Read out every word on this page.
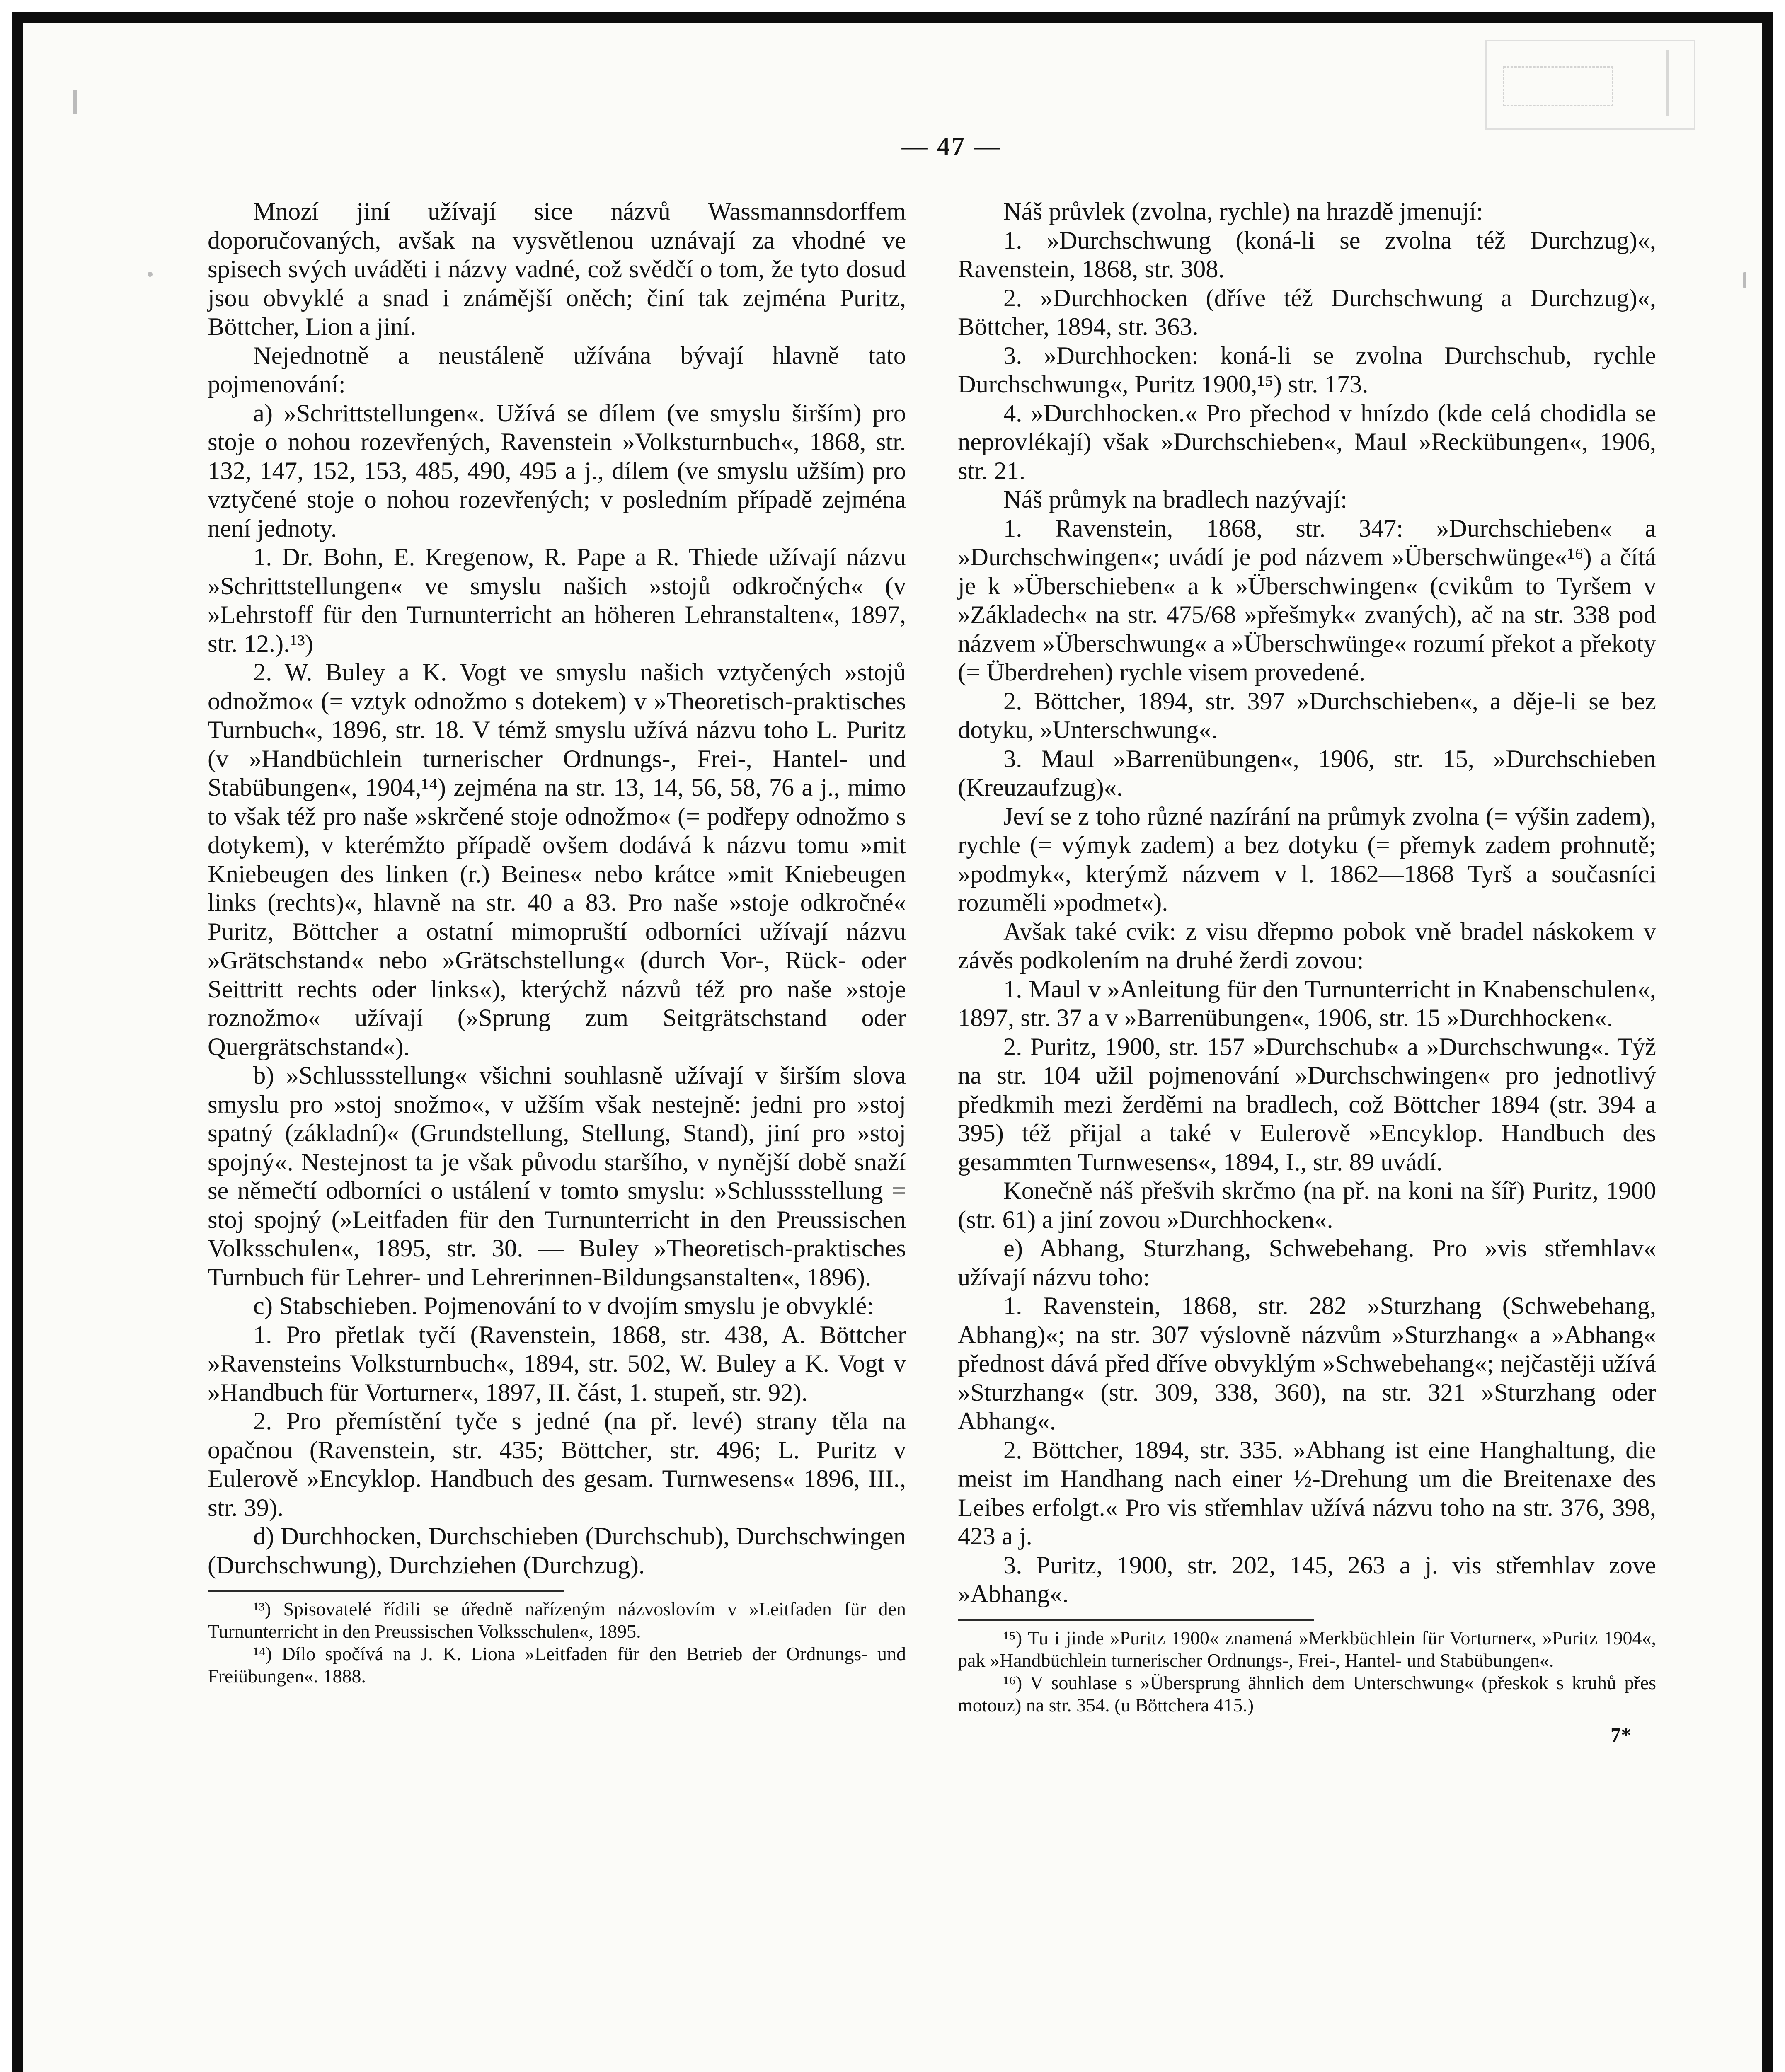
— 47 —

Mnozí jiní užívají sice názvů Wassmannsdorffem doporučovaných, avšak na vysvětlenou uznávají za vhodné ve spisech svých uváděti i názvy vadné, což svědčí o tom, že tyto dosud jsou obvyklé a snad i známější oněch; činí tak zejména Puritz, Böttcher, Lion a jiní.

Nejednotně a neustáleně užívána bývají hlavně tato pojmenování:

a) »Schrittstellungen«. Užívá se dílem (ve smyslu širším) pro stoje o nohou rozevřených, Ravenstein »Volksturnbuch«, 1868, str. 132, 147, 152, 153, 485, 490, 495 a j., dílem (ve smyslu užším) pro vztyčené stoje o nohou rozevřených; v posledním případě zejména není jednoty.

1. Dr. Bohn, E. Kregenow, R. Pape a R. Thiede užívají názvu »Schrittstellungen« ve smyslu našich »stojů odkročných« (v »Lehrstoff für den Turnunterricht an höheren Lehranstalten«, 1897, str. 12.).¹³)

2. W. Buley a K. Vogt ve smyslu našich vztyčených »stojů odnožmo« (= vztyk odnožmo s dotekem) v »Theoretisch-praktisches Turnbuch«, 1896, str. 18. V témž smyslu užívá názvu toho L. Puritz (v »Handbüchlein turnerischer Ordnungs-, Frei-, Hantel- und Stabübungen«, 1904,¹⁴) zejména na str. 13, 14, 56, 58, 76 a j., mimo to však též pro naše »skrčené stoje odnožmo« (= podřepy odnožmo s dotykem), v kterémžto případě ovšem dodává k názvu tomu »mit Kniebeugen des linken (r.) Beines« nebo krátce »mit Kniebeugen links (rechts)«, hlavně na str. 40 a 83. Pro naše »stoje odkročné« Puritz, Böttcher a ostatní mimopruští odborníci užívají názvu »Grätschstand« nebo »Grätschstellung« (durch Vor-, Rück- oder Seittritt rechts oder links«), kterýchž názvů též pro naše »stoje roznožmo« užívají (»Sprung zum Seitgrätschstand oder Quergrätschstand«).

b) »Schlussstellung« všichni souhlasně užívají v širším slova smyslu pro »stoj snožmo«, v užším však nestejně: jedni pro »stoj spatný (základní)« (Grundstellung, Stellung, Stand), jiní pro »stoj spojný«. Nestejnost ta je však původu staršího, v nynější době snaží se němečtí odborníci o ustálení v tomto smyslu: »Schlussstellung = stoj spojný (»Leitfaden für den Turnunterricht in den Preussischen Volksschulen«, 1895, str. 30. — Buley »Theoretisch-praktisches Turnbuch für Lehrer- und Lehrerinnen-Bildungsanstalten«, 1896).

c) Stabschieben. Pojmenování to v dvojím smyslu je obvyklé:

1. Pro přetlak tyčí (Ravenstein, 1868, str. 438, A. Böttcher »Ravensteins Volksturnbuch«, 1894, str. 502, W. Buley a K. Vogt v »Handbuch für Vorturner«, 1897, II. část, 1. stupeň, str. 92).

2. Pro přemístění tyče s jedné (na př. levé) strany těla na opačnou (Ravenstein, str. 435; Böttcher, str. 496; L. Puritz v Eulerově »Encyklop. Handbuch des gesam. Turnwesens« 1896, III., str. 39).

d) Durchhocken, Durchschieben (Durchschub), Durchschwingen (Durchschwung), Durchziehen (Durchzug).

¹³) Spisovatelé řídili se úředně nařízeným názvoslovím v »Leitfaden für den Turnunterricht in den Preussischen Volksschulen«, 1895.

¹⁴) Dílo spočívá na J. K. Liona »Leitfaden für den Betrieb der Ordnungs- und Freiübungen«. 1888.

Náš průvlek (zvolna, rychle) na hrazdě jmenují:

1. »Durchschwung (koná-li se zvolna též Durchzug)«, Ravenstein, 1868, str. 308.

2. »Durchhocken (dříve též Durchschwung a Durchzug)«, Böttcher, 1894, str. 363.

3. »Durchhocken: koná-li se zvolna Durchschub, rychle Durchschwung«, Puritz 1900,¹⁵) str. 173.

4. »Durchhocken.« Pro přechod v hnízdo (kde celá chodidla se neprovlékají) však »Durchschieben«, Maul »Reckübungen«, 1906, str. 21.

Náš průmyk na bradlech nazývají:

1. Ravenstein, 1868, str. 347: »Durchschieben« a »Durchschwingen«; uvádí je pod názvem »Überschwünge«¹⁶) a čítá je k »Überschieben« a k »Überschwingen« (cvikům to Tyršem v »Základech« na str. 475/68 »přešmyk« zvaných), ač na str. 338 pod názvem »Überschwung« a »Überschwünge« rozumí překot a překoty (= Überdrehen) rychle visem provedené.

2. Böttcher, 1894, str. 397 »Durchschieben«, a děje-li se bez dotyku, »Unterschwung«.

3. Maul »Barrenübungen«, 1906, str. 15, »Durchschieben (Kreuzaufzug)«.

Jeví se z toho různé nazírání na průmyk zvolna (= výšin zadem), rychle (= výmyk zadem) a bez dotyku (= přemyk zadem prohnutě; »podmyk«, kterýmž názvem v l. 1862—1868 Tyrš a současníci rozuměli »podmet«).

Avšak také cvik: z visu dřepmo pobok vně bradel náskokem v závěs podkolením na druhé žerdi zovou:

1. Maul v »Anleitung für den Turnunterricht in Knabenschulen«, 1897, str. 37 a v »Barrenübungen«, 1906, str. 15 »Durchhocken«.

2. Puritz, 1900, str. 157 »Durchschub« a »Durchschwung«. Týž na str. 104 užil pojmenování »Durchschwingen« pro jednotlivý předkmih mezi žerděmi na bradlech, což Böttcher 1894 (str. 394 a 395) též přijal a také v Eulerově »Encyklop. Handbuch des gesammten Turnwesens«, 1894, I., str. 89 uvádí.

Konečně náš přešvih skrčmo (na př. na koni na šíř) Puritz, 1900 (str. 61) a jiní zovou »Durchhocken«.

e) Abhang, Sturzhang, Schwebehang. Pro »vis střemhlav« užívají názvu toho:

1. Ravenstein, 1868, str. 282 »Sturzhang (Schwebehang, Abhang)«; na str. 307 výslovně názvům »Sturzhang« a »Abhang« přednost dává před dříve obvyklým »Schwebehang«; nejčastěji užívá »Sturzhang« (str. 309, 338, 360), na str. 321 »Sturzhang oder Abhang«.

2. Böttcher, 1894, str. 335. »Abhang ist eine Hanghaltung, die meist im Handhang nach einer ½-Drehung um die Breitenaxe des Leibes erfolgt.« Pro vis střemhlav užívá názvu toho na str. 376, 398, 423 a j.

3. Puritz, 1900, str. 202, 145, 263 a j. vis střemhlav zove »Abhang«.

¹⁵) Tu i jinde »Puritz 1900« znamená »Merkbüchlein für Vorturner«, »Puritz 1904«, pak »Handbüchlein turnerischer Ordnungs-, Frei-, Hantel- und Stabübungen«.

¹⁶) V souhlase s »Übersprung ähnlich dem Unterschwung« (přeskok s kruhů přes motouz) na str. 354. (u Böttchera 415.)

7*
